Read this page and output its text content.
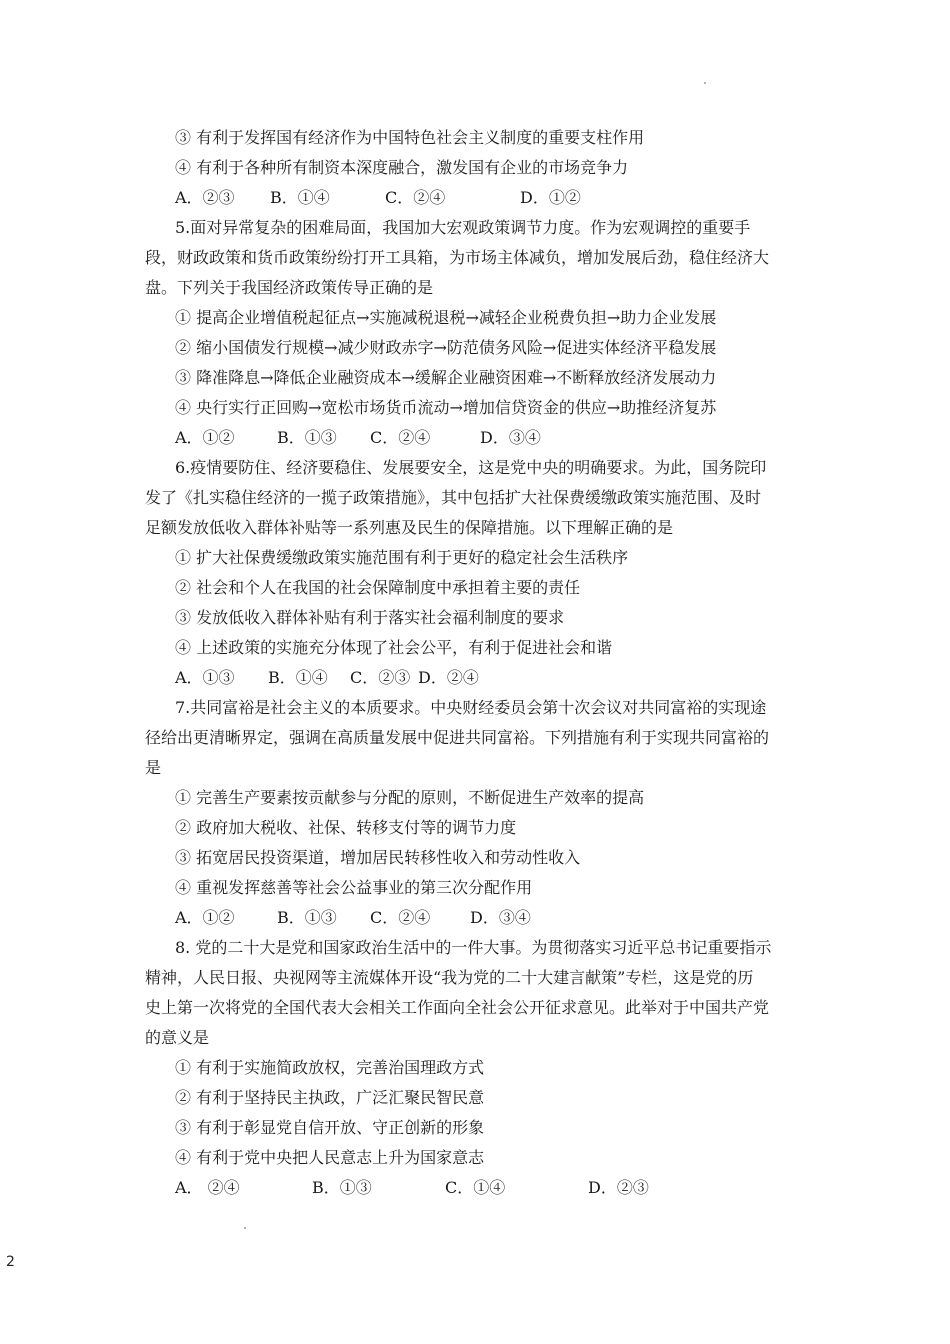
③ 有利于发挥国有经济作为中国特色社会主义制度的重要支柱作用
④ 有利于各种所有制资本深度融合，激发国有企业的市场竞争力
A．②③ B．①④	C．②④	D．①②
5.面对异常复杂的困难局面，我国加大宏观政策调节力度。作为宏观调控的重要手
段，财政政策和货币政策纷纷打开工具箱，为市场主体减负，增加发展后劲，稳住经济大
盘。下列关于我国经济政策传导正确的是
① 提高企业增值税起征点→实施减税退税→减轻企业税费负担→助力企业发展
② 缩小国债发行规模→减少财政赤字→防范债务风险→促进实体经济平稳发展
③ 降准降息→降低企业融资成本→缓解企业融资困难→不断释放经济发展动力
④ 央行实行正回购→宽松市场货币流动→增加信贷资金的供应→助推经济复苏
A．①②	B．①③ C．②④	D．③④
6.疫情要防住、经济要稳住、发展要安全，这是党中央的明确要求。为此，国务院印
发了《扎实稳住经济的一揽子政策措施》，其中包括扩大社保费缓缴政策实施范围、及时
足额发放低收入群体补贴等一系列惠及民生的保障措施。以下理解正确的是
① 扩大社保费缓缴政策实施范围有利于更好的稳定社会生活秩序
② 社会和个人在我国的社会保障制度中承担着主要的责任
③ 发放低收入群体补贴有利于落实社会福利制度的要求
④ 上述政策的实施充分体现了社会公平，有利于促进社会和谐
A．①③ B．①④ C．②③ D．②④
7.共同富裕是社会主义的本质要求。中央财经委员会第十次会议对共同富裕的实现途
径给出更清晰界定，强调在高质量发展中促进共同富裕。下列措施有利于实现共同富裕的
是
① 完善生产要素按贡献参与分配的原则，不断促进生产效率的提高
② 政府加大税收、社保、转移支付等的调节力度
③ 拓宽居民投资渠道，增加居民转移性收入和劳动性收入
④ 重视发挥慈善等社会公益事业的第三次分配作用
A．①②	B．①③ C．②④ D．③④
8. 党的二十大是党和国家政治生活中的一件大事。为贯彻落实习近平总书记重要指示
精神，人民日报、央视网等主流媒体开设“我为党的二十大建言献策”专栏，这是党的历
史上第一次将党的全国代表大会相关工作面向全社会公开征求意见。此举对于中国共产党
的意义是
① 有利于实施简政放权，完善治国理政方式
② 有利于坚持民主执政，广泛汇聚民智民意
③ 有利于彰显党自信开放、守正创新的形象
④ 有利于党中央把人民意志上升为国家意志
A． ②④	B．①③	C．①④	D．②③
2
